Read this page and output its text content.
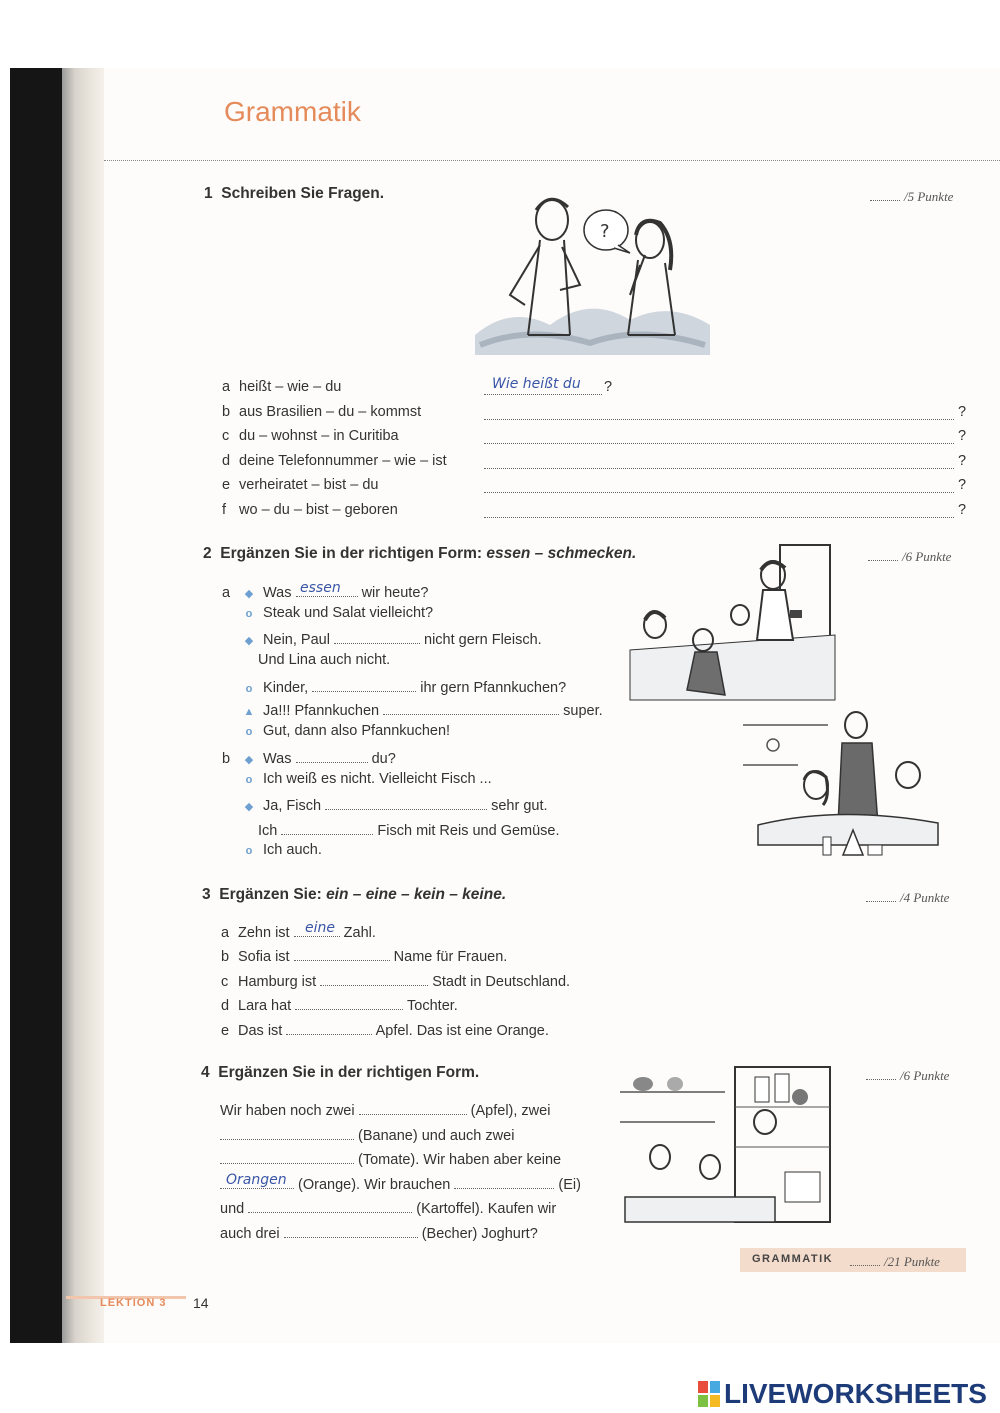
Grammatik
1 Schreiben Sie Fragen.	/5 Punkte
?
a heißt – wie – du	Wie heißt du ?
b aus Brasilien – du – kommst	?
c du – wohnst – in Curitiba	?
d deine Telefonnummer – wie – ist	?
e verheiratet – bist – du	?
f wo – du – bist – geboren	?
2 Ergänzen Sie in der richtigen Form: essen – schmecken.	/6 Punkte
a ◆ Was	wir heute?
essen
o Steak und Salat vielleicht?
◆ Nein, Paul	nicht gern Fleisch.
Und Lina auch nicht.
o Kinder,	ihr gern Pfannkuchen?
▲ Ja!!! Pfannkuchen	super.
o Gut, dann also Pfannkuchen!
b ◆ Was	du?
o Ich weiß es nicht. Vielleicht Fisch ...
◆ Ja, Fisch	sehr gut.
Ich	Fisch mit Reis und Gemüse.
o Ich auch.
3 Ergänzen Sie: ein – eine – kein – keine.	/4 Punkte
a Zehn ist	Zahl.
eine
b Sofia ist	Name für Frauen.
c Hamburg ist	Stadt in Deutschland.
d Lara hat	Tochter.
e Das ist	Apfel. Das ist eine Orange.
4 Ergänzen Sie in der richtigen Form.	/6 Punkte
Wir haben noch zwei	(Apfel), zwei
(Banane) und auch zwei
(Tomate). Wir haben aber keine
(Orange). Wir brauchen	(Ei)
Orangen
und	(Kartoffel). Kaufen wir
auch drei	(Becher) Joghurt?
GRAMMATIK	/21 Punkte
LEKTION 3 14
LIVEWORKSHEETS
